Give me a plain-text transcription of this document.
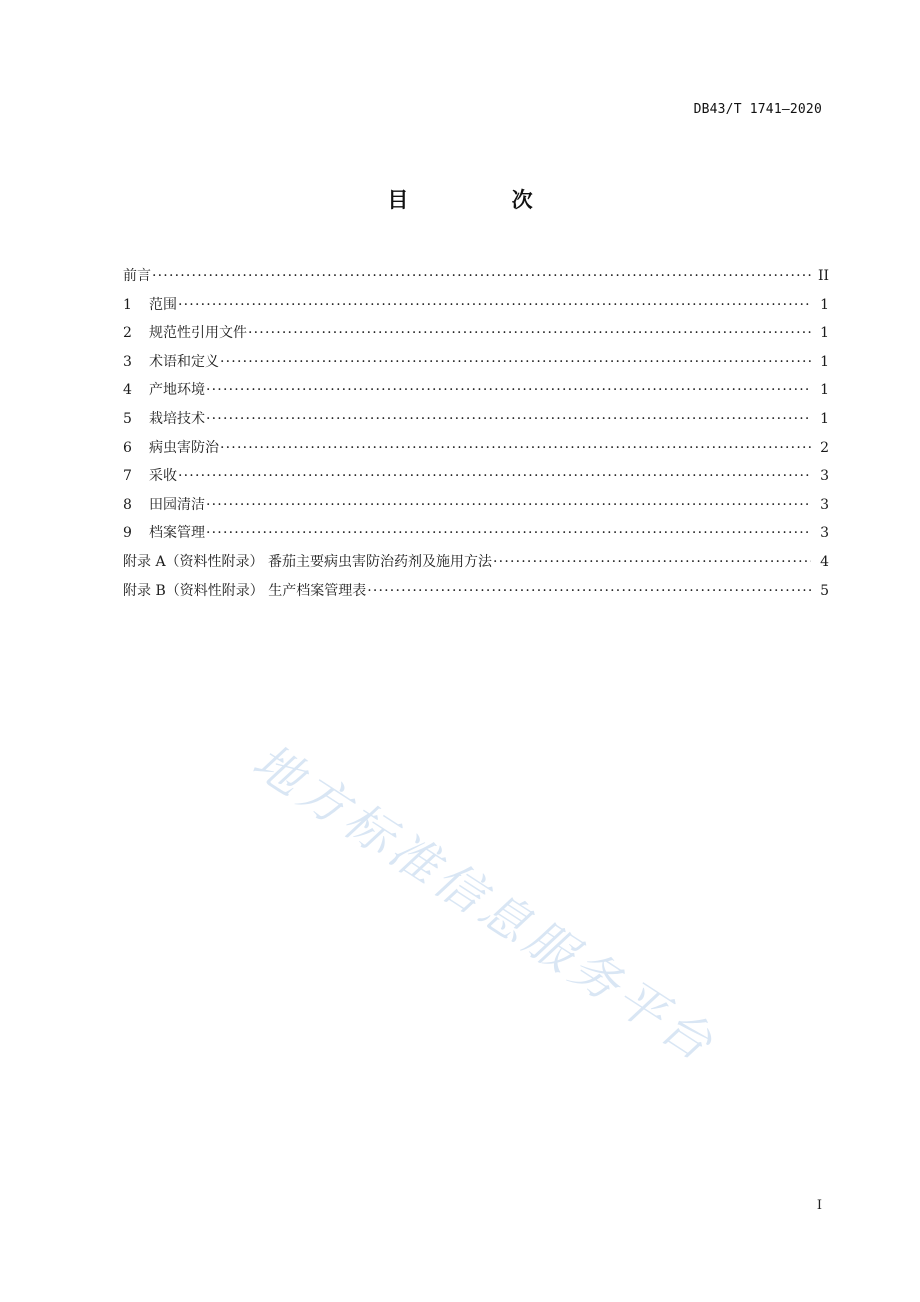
DB43/T 1741—2020
目 次
前言 ·····	II
1	范围 ·····	1
2	规范性引用文件 ·····	1
3	术语和定义 ·····	1
4	产地环境 ·····	1
5	栽培技术 ·····	1
6	病虫害防治 ·····	2
7	采收 ·····	3
8	田园清洁 ·····	3
9	档案管理 ·····	3
附录 A（资料性附录） 番茄主要病虫害防治药剂及施用方法 ·····	4
附录 B（资料性附录） 生产档案管理表 ·····	5
地方标准信息服务平台
I
